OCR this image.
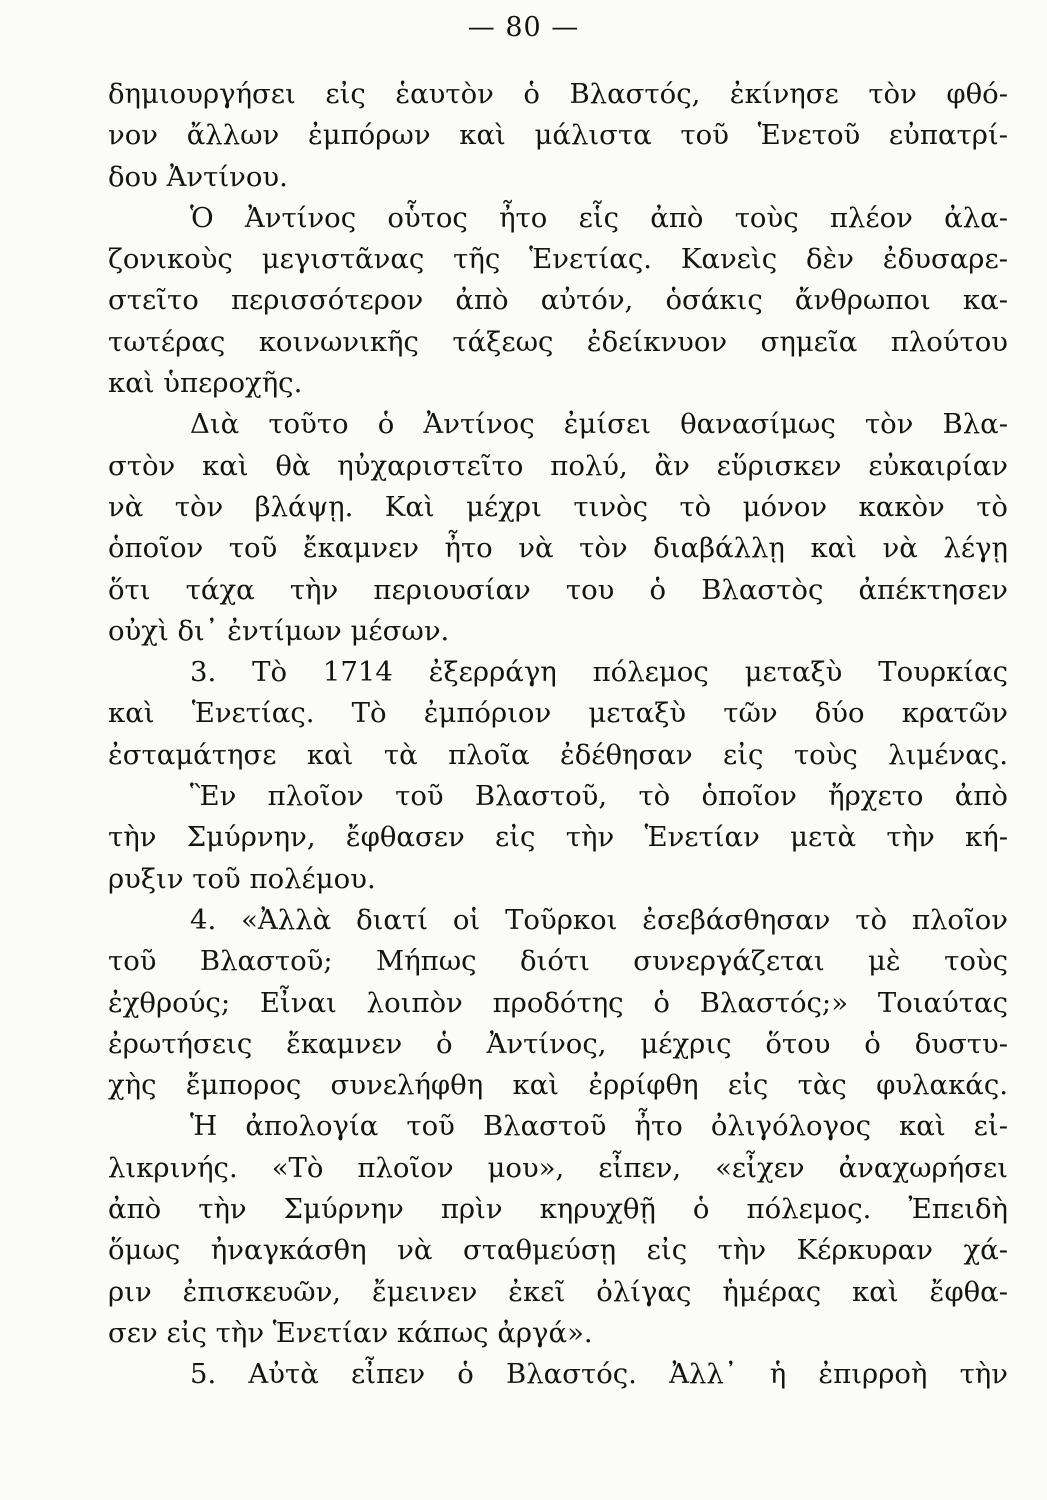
— 80 —
δημιουργήσει εἰς ἑαυτὸν ὁ Βλαστός, ἐκίνησε τὸν φθό-
νον ἄλλων ἐμπόρων καὶ μάλιστα τοῦ Ἑνετοῦ εὐπατρί-
δου Ἀντίνου.
Ὁ Ἀντίνος οὗτος ἦτο εἷς ἀπὸ τοὺς πλέον ἀλα-
ζονικοὺς μεγιστᾶνας τῆς Ἑνετίας. Κανεὶς δὲν ἐδυσαρε-
στεῖτο περισσότερον ἀπὸ αὐτόν, ὁσάκις ἄνθρωποι κα-
τωτέρας κοινωνικῆς τάξεως ἐδείκνυον σημεῖα πλούτου
καὶ ὑπεροχῆς.
Διὰ τοῦτο ὁ Ἀντίνος ἐμίσει θανασίμως τὸν Βλα-
στὸν καὶ θὰ ηὐχαριστεῖτο πολύ, ἂν εὕρισκεν εὐκαιρίαν
νὰ τὸν βλάψῃ. Καὶ μέχρι τινὸς τὸ μόνον κακὸν τὸ
ὁποῖον τοῦ ἔκαμνεν ἦτο νὰ τὸν διαβάλλῃ καὶ νὰ λέγῃ
ὅτι τάχα τὴν περιουσίαν του ὁ Βλαστὸς ἀπέκτησεν
οὐχὶ δι᾽ ἐντίμων μέσων.
3. Τὸ 1714 ἐξερράγη πόλεμος μεταξὺ Τουρκίας
καὶ Ἑνετίας. Τὸ ἐμπόριον μεταξὺ τῶν δύο κρατῶν
ἐσταμάτησε καὶ τὰ πλοῖα ἐδέθησαν εἰς τοὺς λιμένας.
Ἓν πλοῖον τοῦ Βλαστοῦ, τὸ ὁποῖον ἤρχετο ἀπὸ
τὴν Σμύρνην, ἔφθασεν εἰς τὴν Ἑνετίαν μετὰ τὴν κή-
ρυξιν τοῦ πολέμου.
4. «Ἀλλὰ διατί οἱ Τοῦρκοι ἐσεβάσθησαν τὸ πλοῖον
τοῦ Βλαστοῦ; Μήπως διότι συνεργάζεται μὲ τοὺς
ἐχθρούς; Εἶναι λοιπὸν προδότης ὁ Βλαστός;» Τοιαύτας
ἐρωτήσεις ἔκαμνεν ὁ Ἀντίνος, μέχρις ὅτου ὁ δυστυ-
χὴς ἔμπορος συνελήφθη καὶ ἐρρίφθη εἰς τὰς φυλακάς.
Ἡ ἀπολογία τοῦ Βλαστοῦ ἦτο ὀλιγόλογος καὶ εἰ-
λικρινής. «Τὸ πλοῖον μου», εἶπεν, «εἶχεν ἀναχωρήσει
ἀπὸ τὴν Σμύρνην πρὶν κηρυχθῇ ὁ πόλεμος. Ἐπειδὴ
ὅμως ἠναγκάσθη νὰ σταθμεύσῃ εἰς τὴν Κέρκυραν χά-
ριν ἐπισκευῶν, ἔμεινεν ἐκεῖ ὀλίγας ἡμέρας καὶ ἔφθα-
σεν εἰς τὴν Ἑνετίαν κάπως ἀργά».
5. Αὐτὰ εἶπεν ὁ Βλαστός. Ἀλλ᾽ ἡ ἐπιρροὴ τὴν
